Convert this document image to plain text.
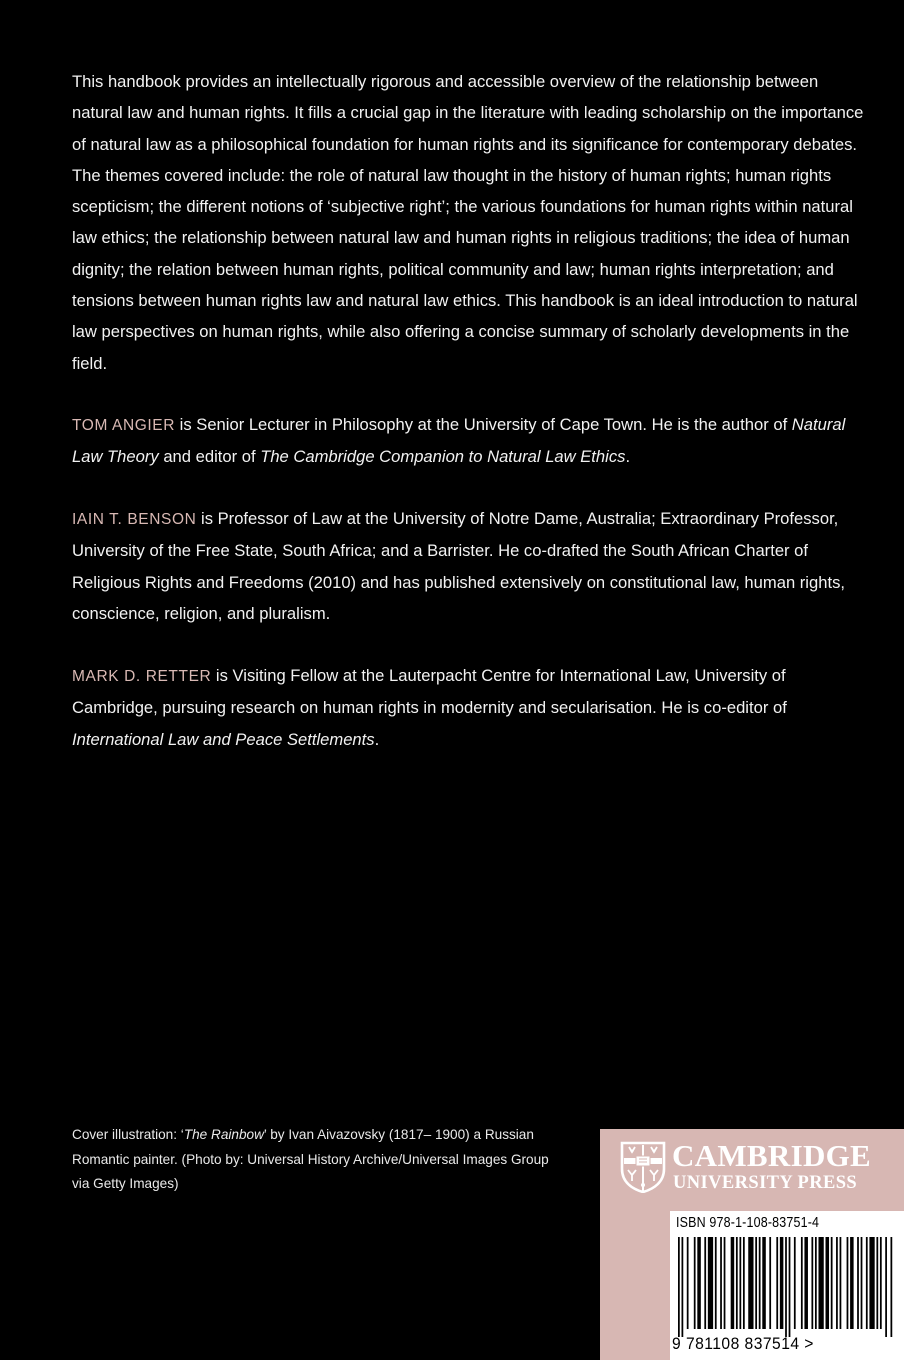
This handbook provides an intellectually rigorous and accessible overview of the relationship between natural law and human rights. It fills a crucial gap in the literature with leading scholarship on the importance of natural law as a philosophical foundation for human rights and its significance for contemporary debates. The themes covered include: the role of natural law thought in the history of human rights; human rights scepticism; the different notions of ‘subjective right’; the various foundations for human rights within natural law ethics; the relationship between natural law and human rights in religious traditions; the idea of human dignity; the relation between human rights, political community and law; human rights interpretation; and tensions between human rights law and natural law ethics. This handbook is an ideal introduction to natural law perspectives on human rights, while also offering a concise summary of scholarly developments in the field.

TOM ANGIER is Senior Lecturer in Philosophy at the University of Cape Town. He is the author of Natural Law Theory and editor of The Cambridge Companion to Natural Law Ethics.

IAIN T. BENSON is Professor of Law at the University of Notre Dame, Australia; Extraordinary Professor, University of the Free State, South Africa; and a Barrister. He co-drafted the South African Charter of Religious Rights and Freedoms (2010) and has published extensively on constitutional law, human rights, conscience, religion, and pluralism.

MARK D. RETTER is Visiting Fellow at the Lauterpacht Centre for International Law, University of Cambridge, pursuing research on human rights in modernity and secularisation. He is co-editor of International Law and Peace Settlements.

Cover illustration: ‘The Rainbow’ by Ivan Aivazovsky (1817– 1900) a Russian Romantic painter. (Photo by: Universal History Archive/Universal Images Group via Getty Images)

CAMBRIDGE
UNIVERSITY PRESS
ISBN 978-1-108-83751-4
9 781108 837514 >
